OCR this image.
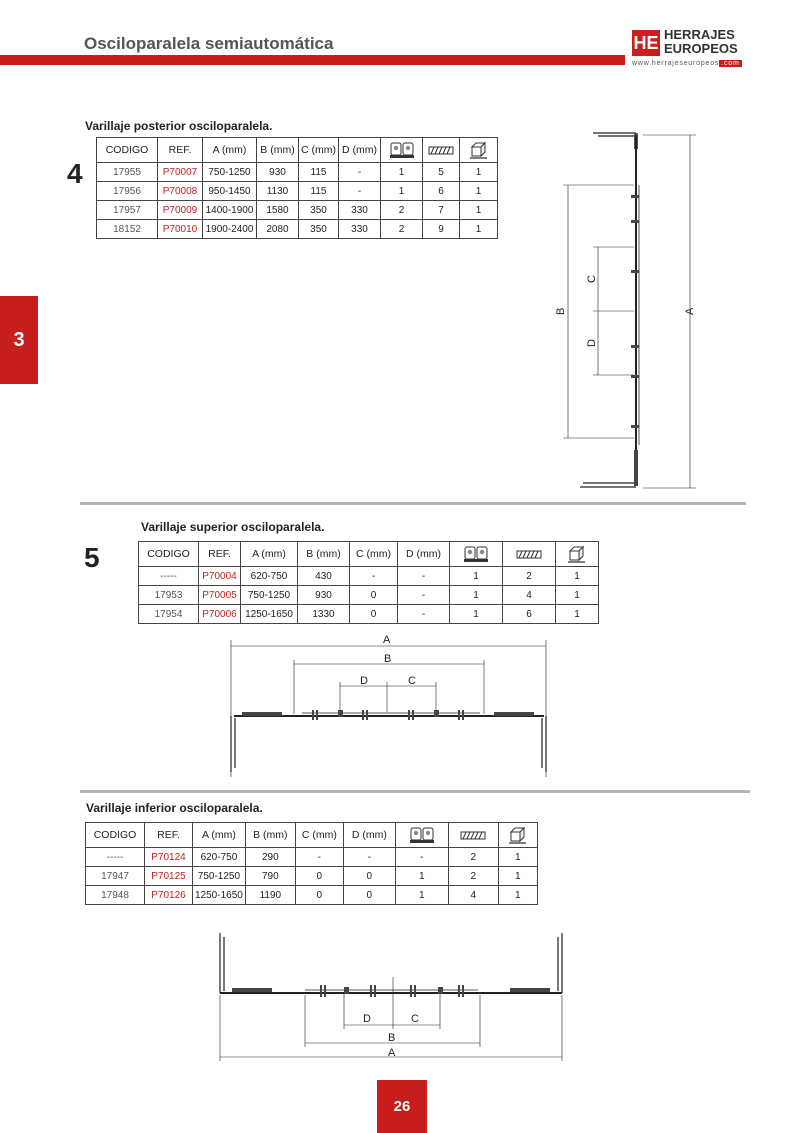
Osciloparalela semiautomática	HE HERRAJES
EUROPEOS
www.herrajeseuropeos .com
3
4
Varillaje posterior osciloparalela.
CODIGO	REF.	A (mm)	B (mm)	C (mm)	D (mm)			
17955	P70007	750-1250	930	115	-	1	5	1
17956	P70008	950-1450	1130	115	-	1	6	1
17957	P70009	1400-1900	1580	350	330	2	7	1
18152	P70010	1900-2400	2080	350	330	2	9	1
A
B
C
D
5
Varillaje superior osciloparalela.
CODIGO	REF.	A (mm)	B (mm)	C (mm)	D (mm)			
-----	P70004	620-750	430	-	-	1	2	1
17953	P70005	750-1250	930	0	-	1	4	1
17954	P70006	1250-1650	1330	0	-	1	6	1
A
B
D	C
Varillaje inferior osciloparalela.
CODIGO	REF.	A (mm)	B (mm)	C (mm)	D (mm)			
-----	P70124	620-750	290	-	-	-	2	1
17947	P70125	750-1250	790	0	0	1	2	1
17948	P70126	1250-1650	1190	0	0	1	4	1
D	C
B
A
26
